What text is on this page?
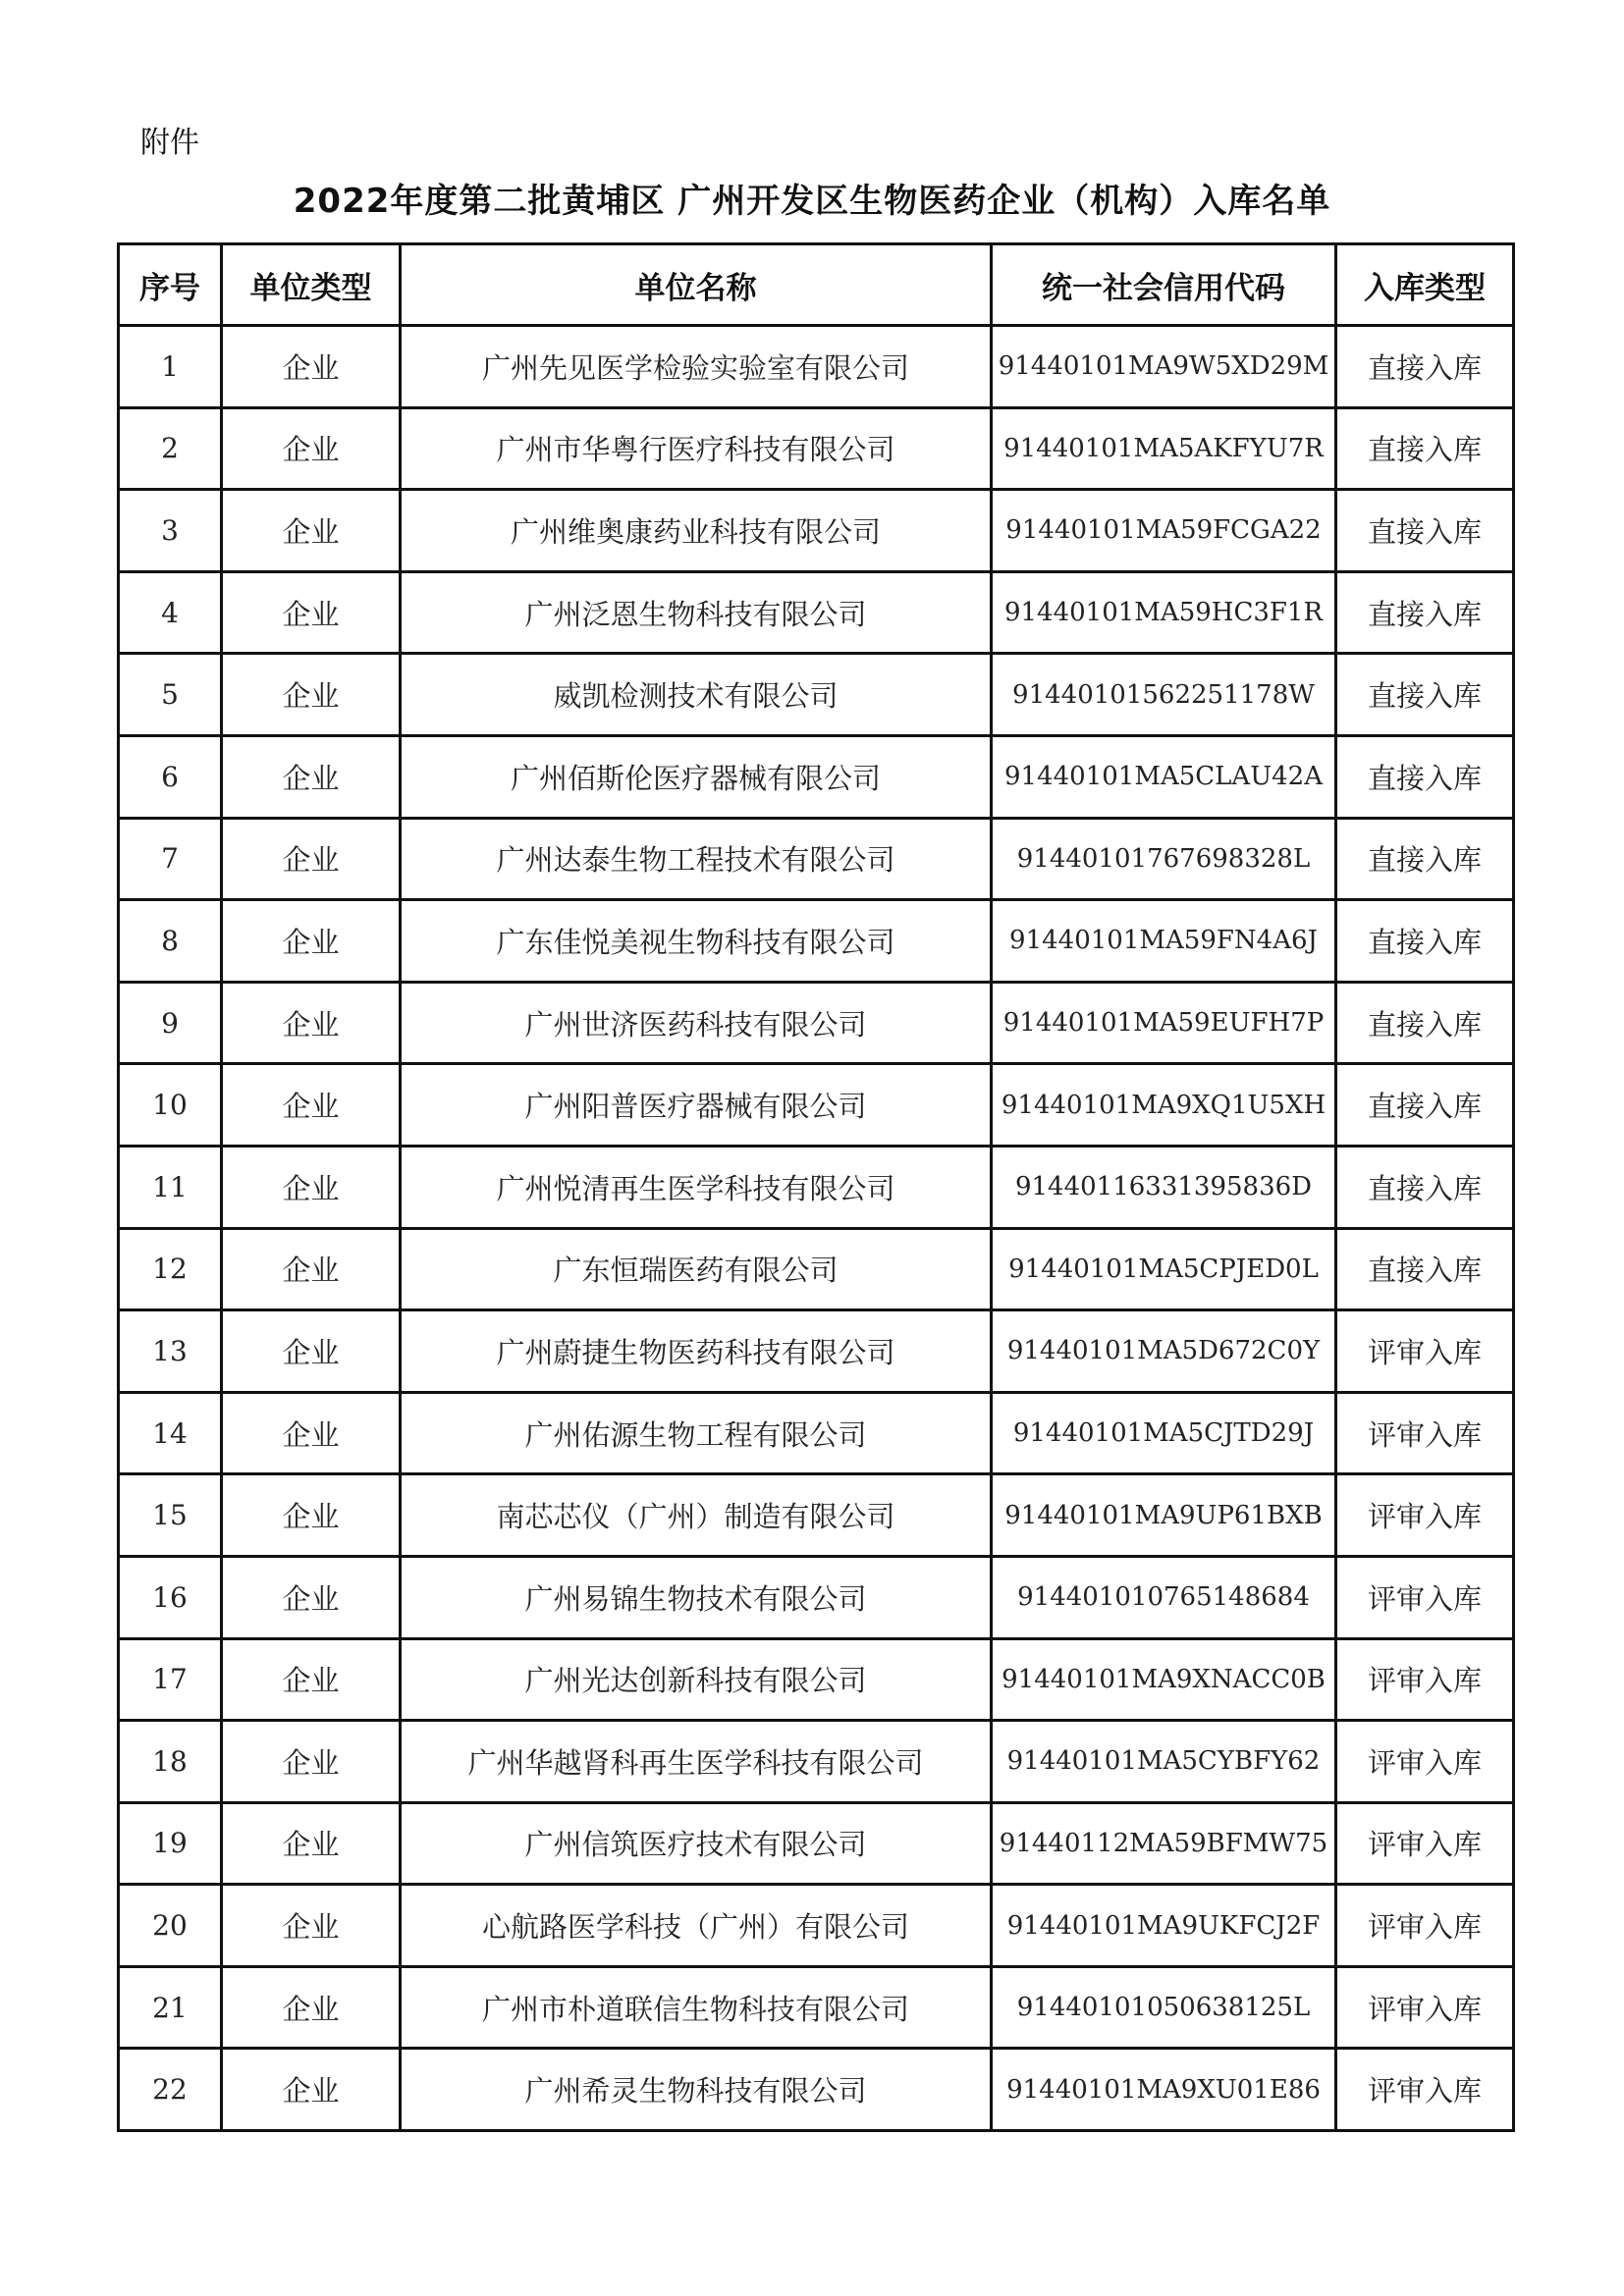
附件
2022年度第二批黄埔区 广州开发区生物医药企业（机构）入库名单
序号	单位类型	单位名称	统一社会信用代码	入库类型
1	企业	广州先见医学检验实验室有限公司	91440101MA9W5XD29M	直接入库
2	企业	广州市华粤行医疗科技有限公司	91440101MA5AKFYU7R	直接入库
3	企业	广州维奥康药业科技有限公司	91440101MA59FCGA22	直接入库
4	企业	广州泛恩生物科技有限公司	91440101MA59HC3F1R	直接入库
5	企业	威凯检测技术有限公司	91440101562251178W	直接入库
6	企业	广州佰斯伦医疗器械有限公司	91440101MA5CLAU42A	直接入库
7	企业	广州达泰生物工程技术有限公司	91440101767698328L	直接入库
8	企业	广东佳悦美视生物科技有限公司	91440101MA59FN4A6J	直接入库
9	企业	广州世济医药科技有限公司	91440101MA59EUFH7P	直接入库
10	企业	广州阳普医疗器械有限公司	91440101MA9XQ1U5XH	直接入库
11	企业	广州悦清再生医学科技有限公司	91440116331395836D	直接入库
12	企业	广东恒瑞医药有限公司	91440101MA5CPJED0L	直接入库
13	企业	广州蔚捷生物医药科技有限公司	91440101MA5D672C0Y	评审入库
14	企业	广州佑源生物工程有限公司	91440101MA5CJTD29J	评审入库
15	企业	南芯芯仪（广州）制造有限公司	91440101MA9UP61BXB	评审入库
16	企业	广州易锦生物技术有限公司	914401010765148684	评审入库
17	企业	广州光达创新科技有限公司	91440101MA9XNACC0B	评审入库
18	企业	广州华越肾科再生医学科技有限公司	91440101MA5CYBFY62	评审入库
19	企业	广州信筑医疗技术有限公司	91440112MA59BFMW75	评审入库
20	企业	心航路医学科技（广州）有限公司	91440101MA9UKFCJ2F	评审入库
21	企业	广州市朴道联信生物科技有限公司	91440101050638125L	评审入库
22	企业	广州希灵生物科技有限公司	91440101MA9XU01E86	评审入库
